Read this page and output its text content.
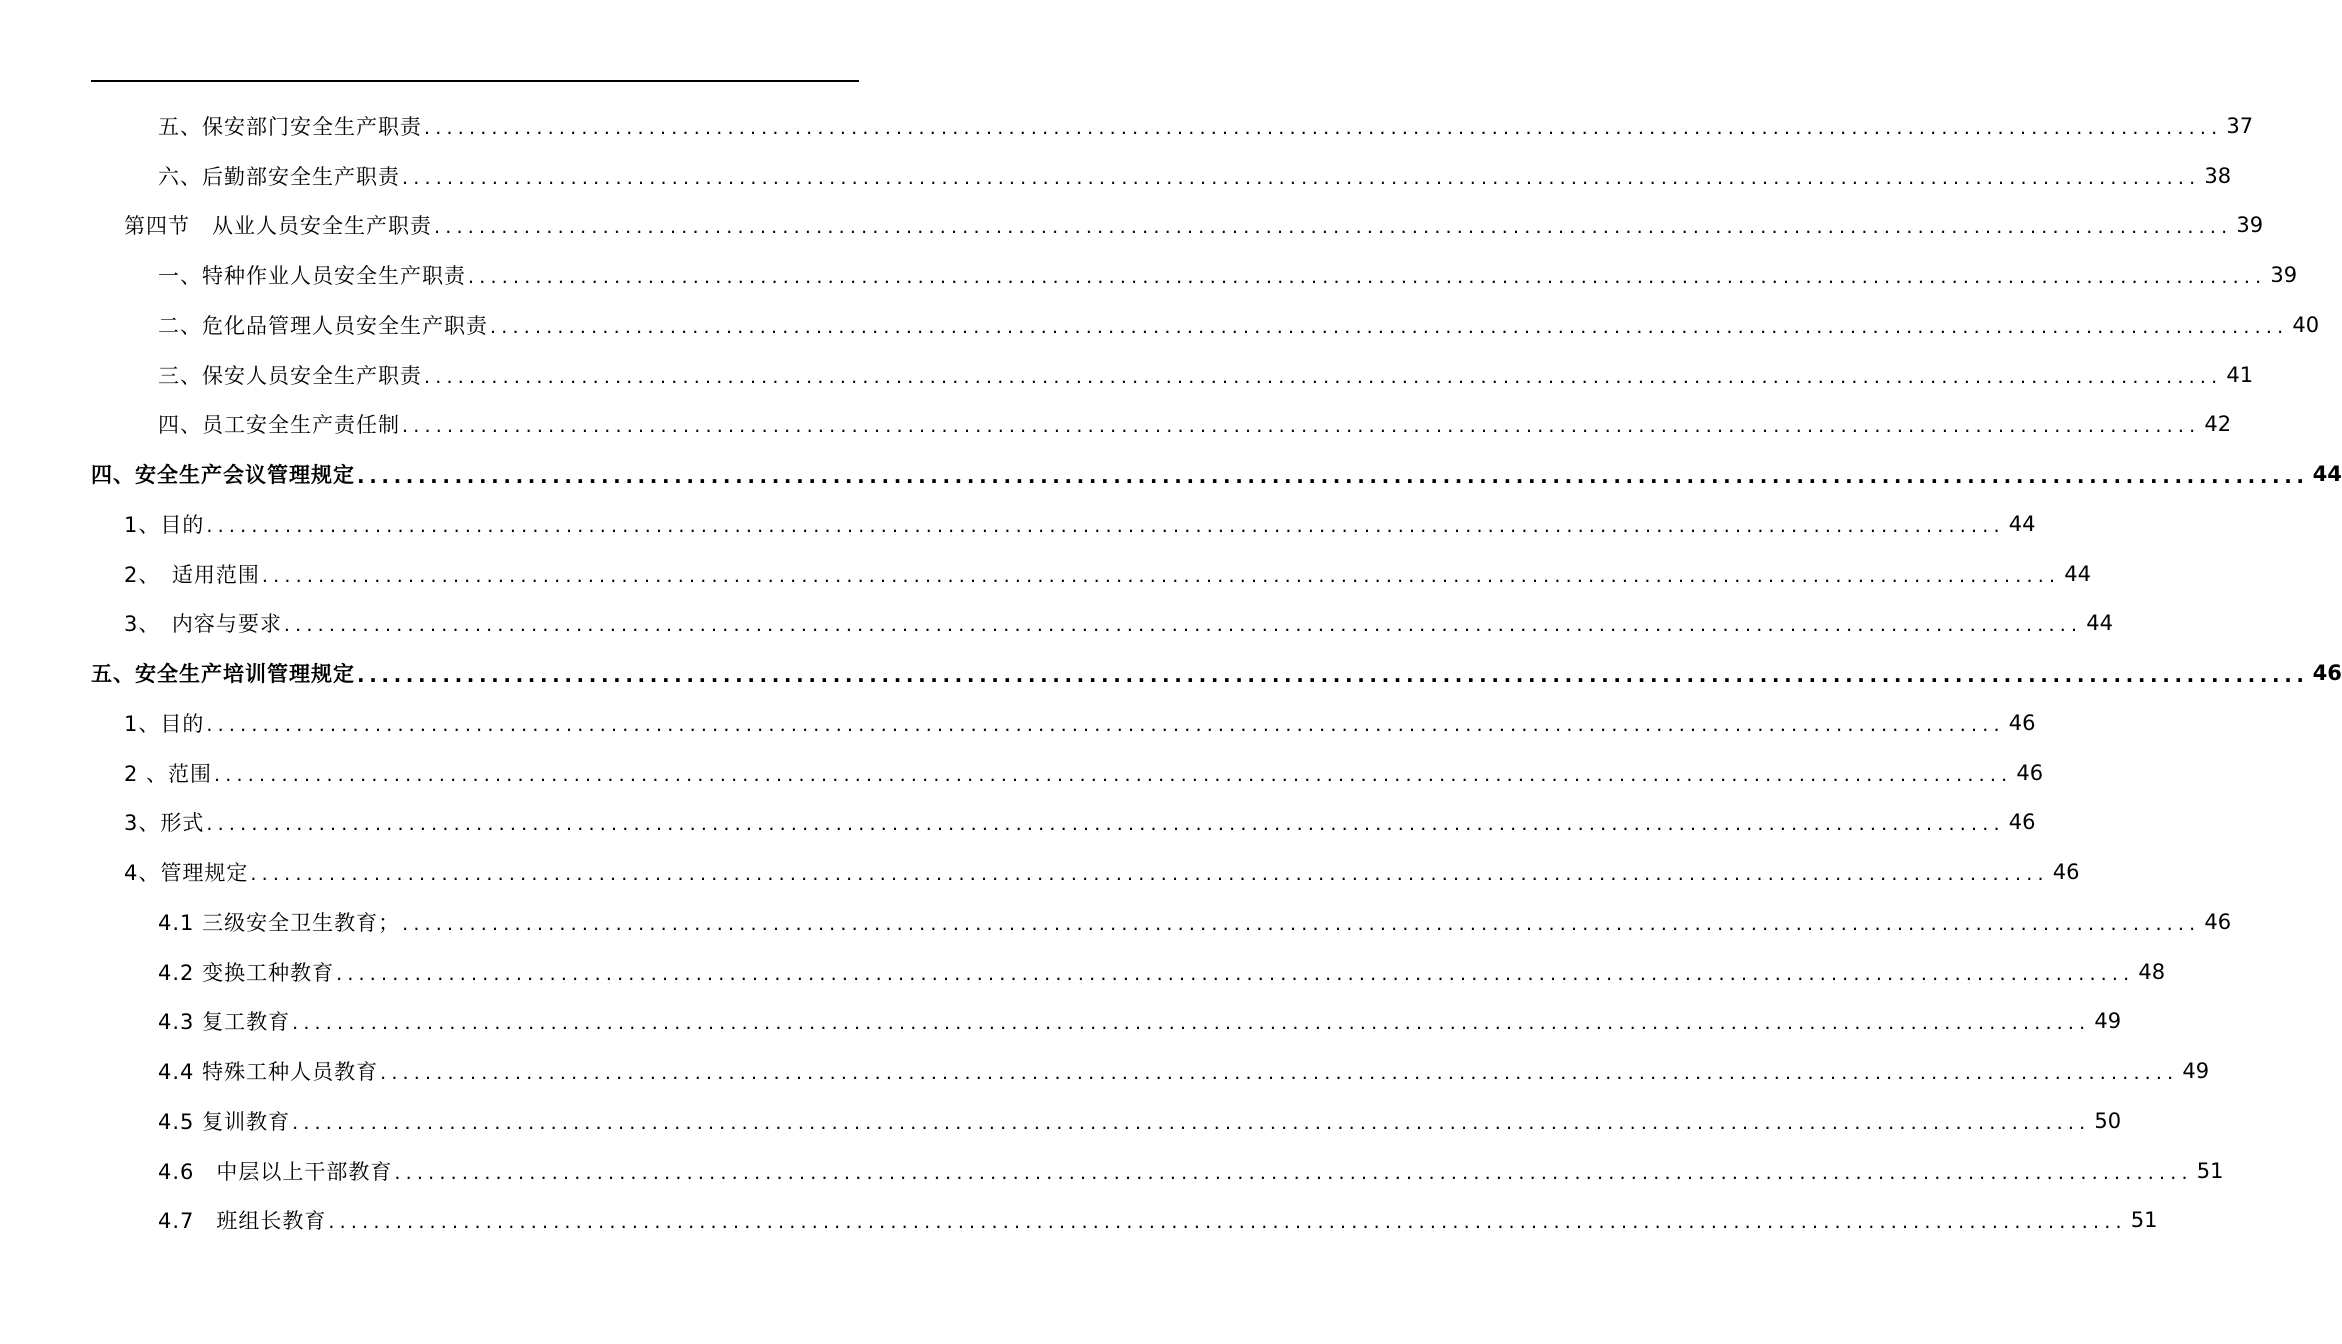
五、保安部门安全生产职责 ................................................................................................................................................................ 37
六、后勤部安全生产职责 ................................................................................................................................................................ 38
第四节　从业人员安全生产职责 ................................................................................................................................................................ 39
一、特种作业人员安全生产职责 ................................................................................................................................................................ 39
二、危化品管理人员安全生产职责 ................................................................................................................................................................ 40
三、保安人员安全生产职责 ................................................................................................................................................................ 41
四、员工安全生产责任制 ................................................................................................................................................................ 42
四、安全生产会议管理规定 ................................................................................................................................................................ 44
1、目的 ................................................................................................................................................................ 44
2、　适用范围 ................................................................................................................................................................ 44
3、　内容与要求 ................................................................................................................................................................ 44
五、安全生产培训管理规定 ................................................................................................................................................................ 46
1、目的 ................................................................................................................................................................ 46
2 、范围 ................................................................................................................................................................ 46
3、形式 ................................................................................................................................................................ 46
4、管理规定 ................................................................................................................................................................ 46
4.1 三级安全卫生教育； ................................................................................................................................................................ 46
4.2 变换工种教育 ................................................................................................................................................................ 48
4.3 复工教育 ................................................................................................................................................................ 49
4.4 特殊工种人员教育 ................................................................................................................................................................ 49
4.5 复训教育 ................................................................................................................................................................ 50
4.6　中层以上干部教育 ................................................................................................................................................................ 51
4.7　班组长教育 ................................................................................................................................................................ 51
